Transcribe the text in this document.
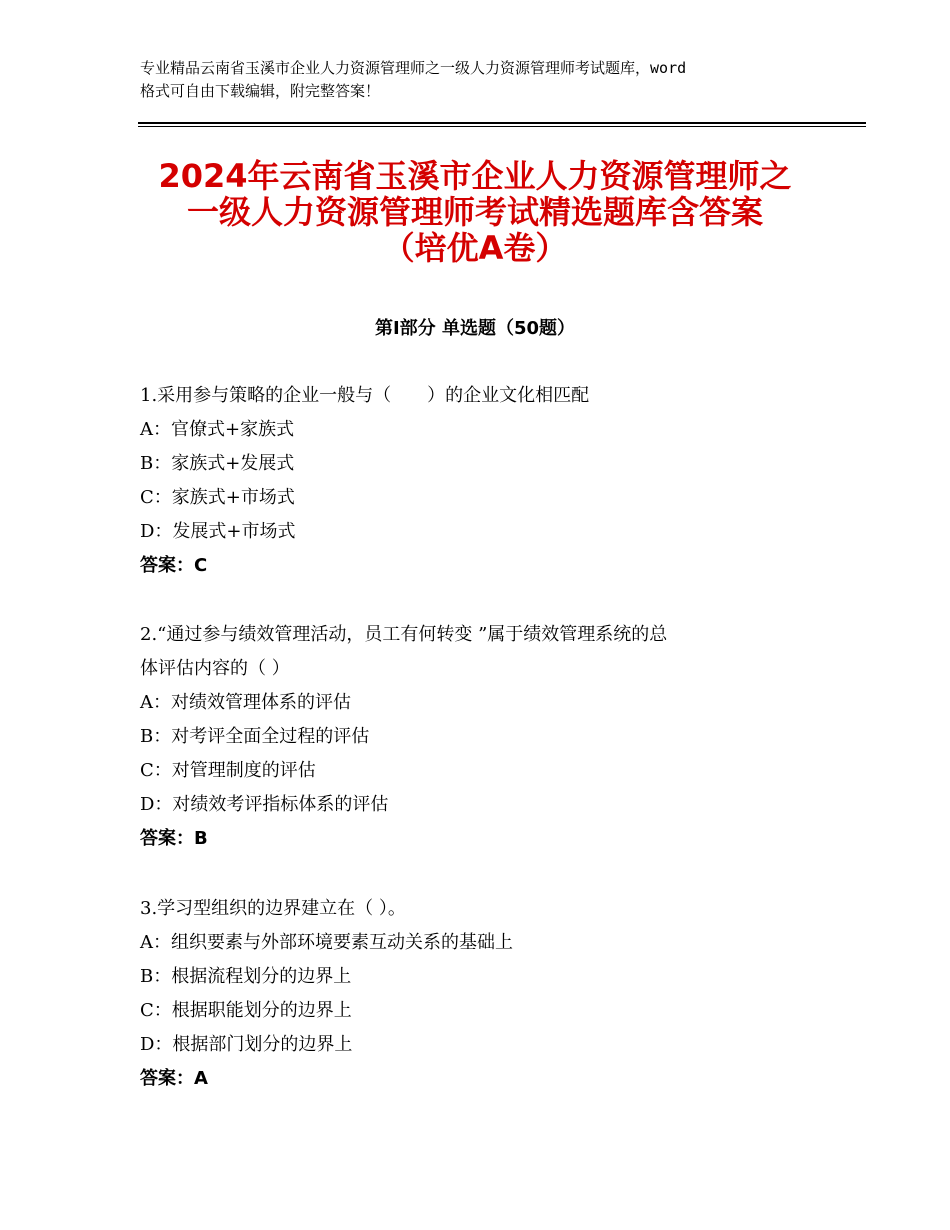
专业精品云南省玉溪市企业人力资源管理师之一级人力资源管理师考试题库，word
格式可自由下载编辑，附完整答案！
2024年云南省玉溪市企业人力资源管理师之
一级人力资源管理师考试精选题库含答案
（培优A卷）
第Ⅰ部分 单选题（50题）
1.采用参与策略的企业一般与（　　）的企业文化相匹配
A：官僚式+家族式
B：家族式+发展式
C：家族式+市场式
D：发展式+市场式
答案：C
2.“通过参与绩效管理活动，员工有何转变 ”属于绩效管理系统的总
体评估内容的（ ）
A：对绩效管理体系的评估
B：对考评全面全过程的评估
C：对管理制度的评估
D：对绩效考评指标体系的评估
答案：B
3.学习型组织的边界建立在（ ）。
A：组织要素与外部环境要素互动关系的基础上
B：根据流程划分的边界上
C：根据职能划分的边界上
D：根据部门划分的边界上
答案：A
